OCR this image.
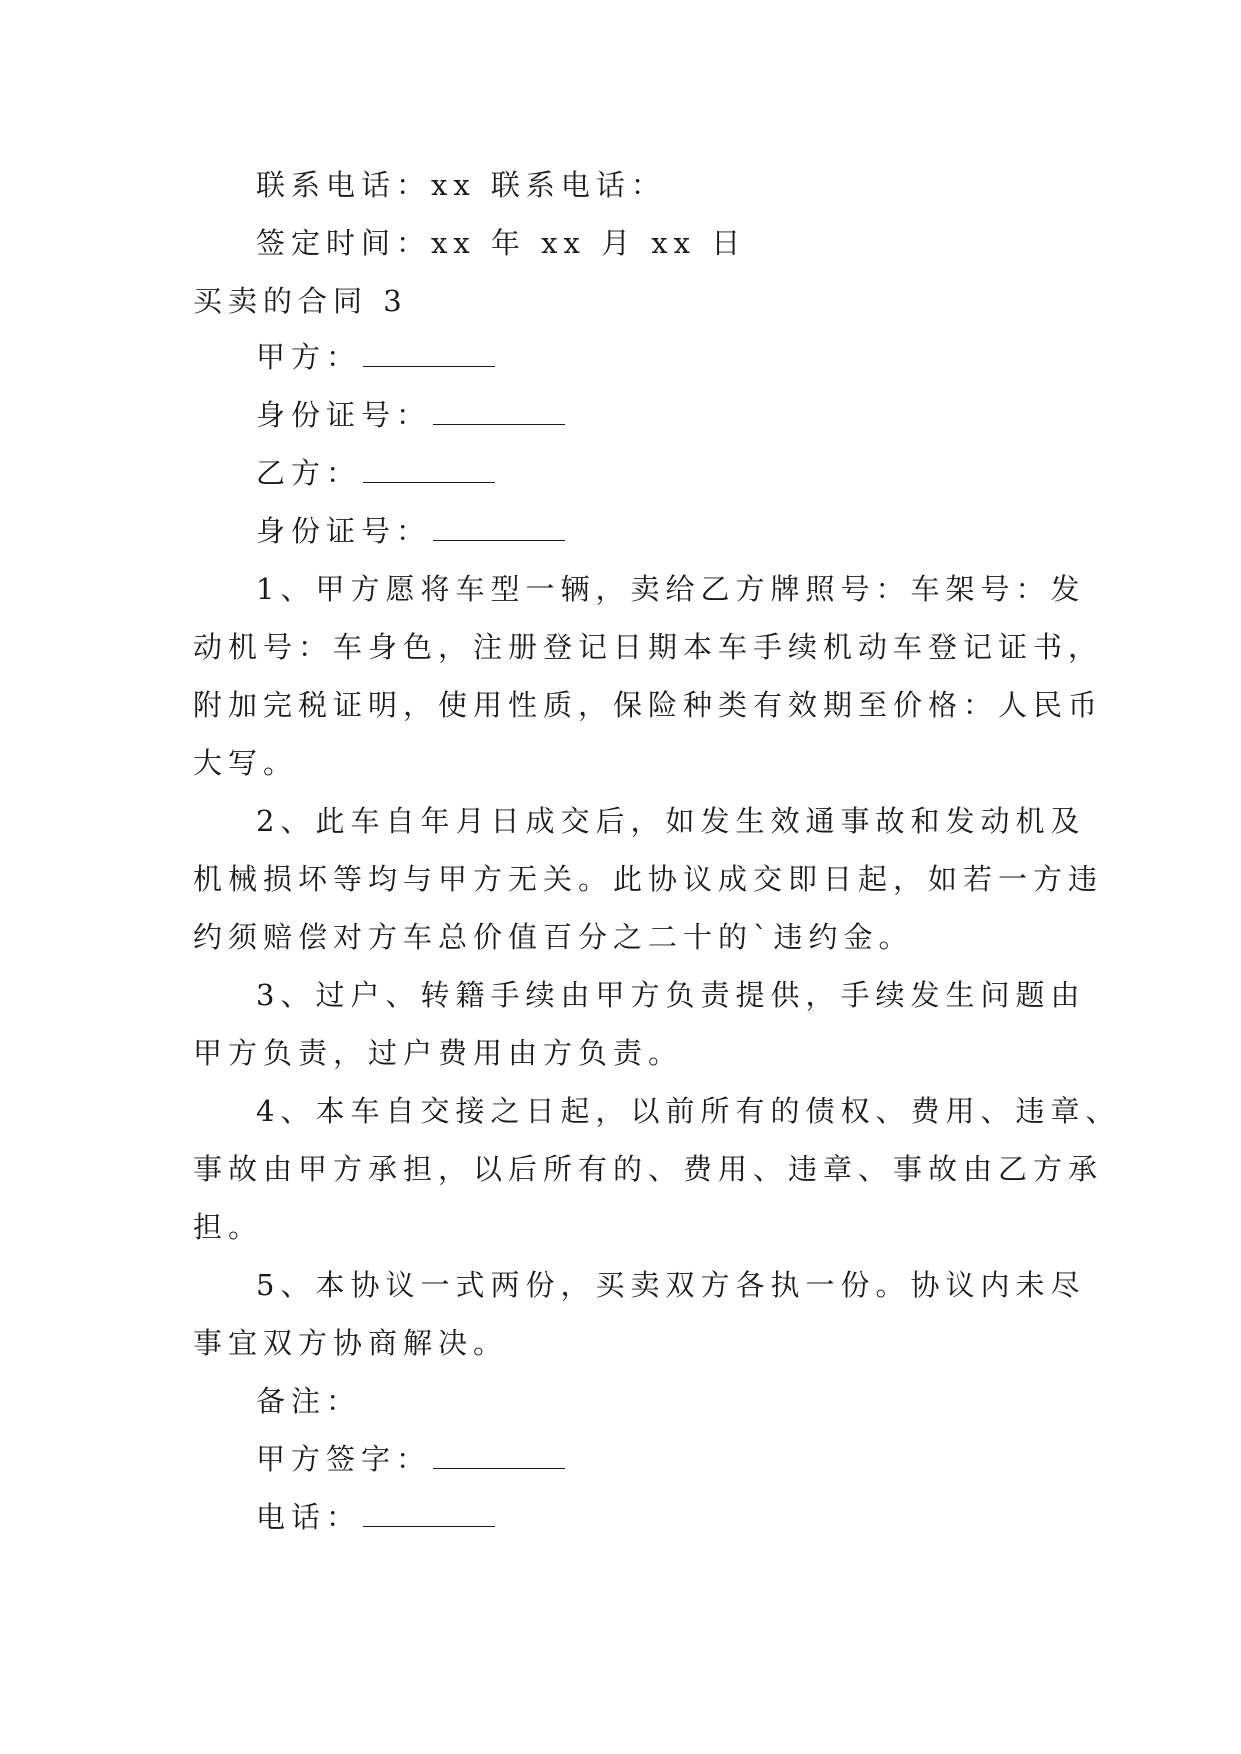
联系电话：xx 联系电话：
签定时间：xx 年 xx 月 xx 日
买卖的合同 3
甲方：
身份证号：
乙方：
身份证号：
1、甲方愿将车型一辆，卖给乙方牌照号：车架号：发
动机号：车身色，注册登记日期本车手续机动车登记证书，
附加完税证明，使用性质，保险种类有效期至价格：人民币
大写。
2、此车自年月日成交后，如发生效通事故和发动机及
机械损坏等均与甲方无关。此协议成交即日起，如若一方违
约须赔偿对方车总价值百分之二十的`违约金。
3、过户、转籍手续由甲方负责提供，手续发生问题由
甲方负责，过户费用由方负责。
4、本车自交接之日起，以前所有的债权、费用、违章、
事故由甲方承担，以后所有的、费用、违章、事故由乙方承
担。
5、本协议一式两份，买卖双方各执一份。协议内未尽
事宜双方协商解决。
备注：
甲方签字：
电话：
